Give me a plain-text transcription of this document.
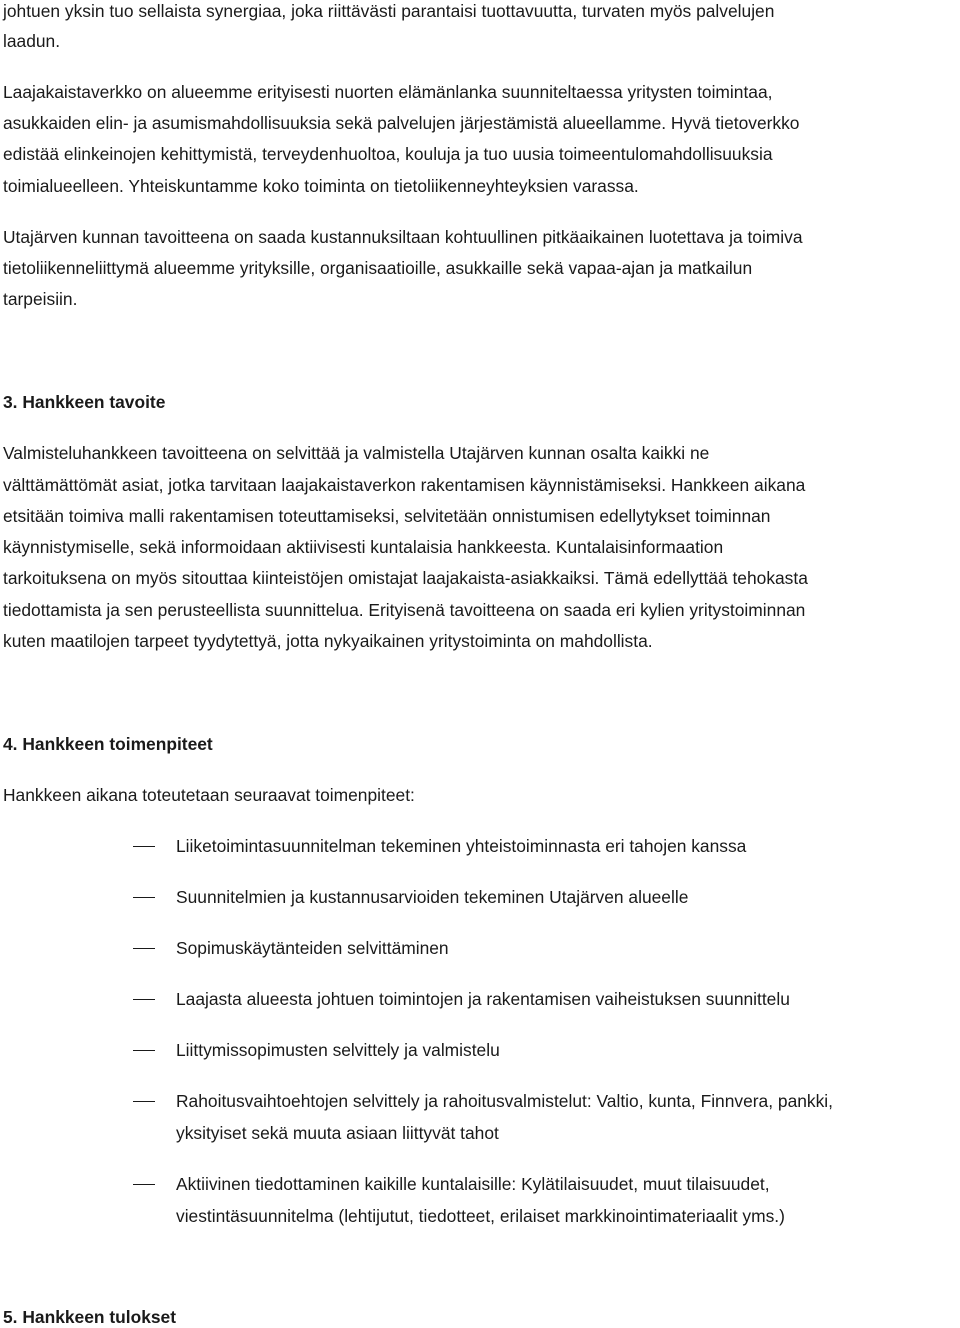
johtuen yksin tuo sellaista synergiaa, joka riittävästi parantaisi tuottavuutta, turvaten myös palvelujen
laadun.
Laajakaistaverkko on alueemme erityisesti nuorten elämänlanka suunniteltaessa yritysten toimintaa,
asukkaiden elin- ja asumismahdollisuuksia sekä palvelujen järjestämistä alueellamme. Hyvä tietoverkko
edistää elinkeinojen kehittymistä, terveydenhuoltoa, kouluja ja tuo uusia toimeentulomahdollisuuksia
toimialueelleen. Yhteiskuntamme koko toiminta on tietoliikenneyhteyksien varassa.
Utajärven kunnan tavoitteena on saada kustannuksiltaan kohtuullinen pitkäaikainen luotettava ja toimiva
tietoliikenneliittymä alueemme yrityksille, organisaatioille, asukkaille sekä vapaa-ajan ja matkailun
tarpeisiin.
3. Hankkeen tavoite
Valmisteluhankkeen tavoitteena on selvittää ja valmistella Utajärven kunnan osalta kaikki ne
välttämättömät asiat, jotka tarvitaan laajakaistaverkon rakentamisen käynnistämiseksi. Hankkeen aikana
etsitään toimiva malli rakentamisen toteuttamiseksi, selvitetään onnistumisen edellytykset toiminnan
käynnistymiselle, sekä informoidaan aktiivisesti kuntalaisia hankkeesta. Kuntalaisinformaation
tarkoituksena on myös sitouttaa kiinteistöjen omistajat laajakaista-asiakkaiksi. Tämä edellyttää tehokasta
tiedottamista ja sen perusteellista suunnittelua. Erityisenä tavoitteena on saada eri kylien yritystoiminnan
kuten maatilojen tarpeet tyydytettyä, jotta nykyaikainen yritystoiminta on mahdollista.
4. Hankkeen toimenpiteet
Hankkeen aikana toteutetaan seuraavat toimenpiteet:
Liiketoimintasuunnitelman tekeminen yhteistoiminnasta eri tahojen kanssa
Suunnitelmien ja kustannusarvioiden tekeminen Utajärven alueelle
Sopimuskäytänteiden selvittäminen
Laajasta alueesta johtuen toimintojen ja rakentamisen vaiheistuksen suunnittelu
Liittymissopimusten selvittely ja valmistelu
Rahoitusvaihtoehtojen selvittely ja rahoitusvalmistelut: Valtio, kunta, Finnvera, pankki,
yksityiset sekä muuta asiaan liittyvät tahot
Aktiivinen tiedottaminen kaikille kuntalaisille: Kylätilaisuudet, muut tilaisuudet,
viestintäsuunnitelma (lehtijutut, tiedotteet, erilaiset markkinointimateriaalit yms.)
5. Hankkeen tulokset
